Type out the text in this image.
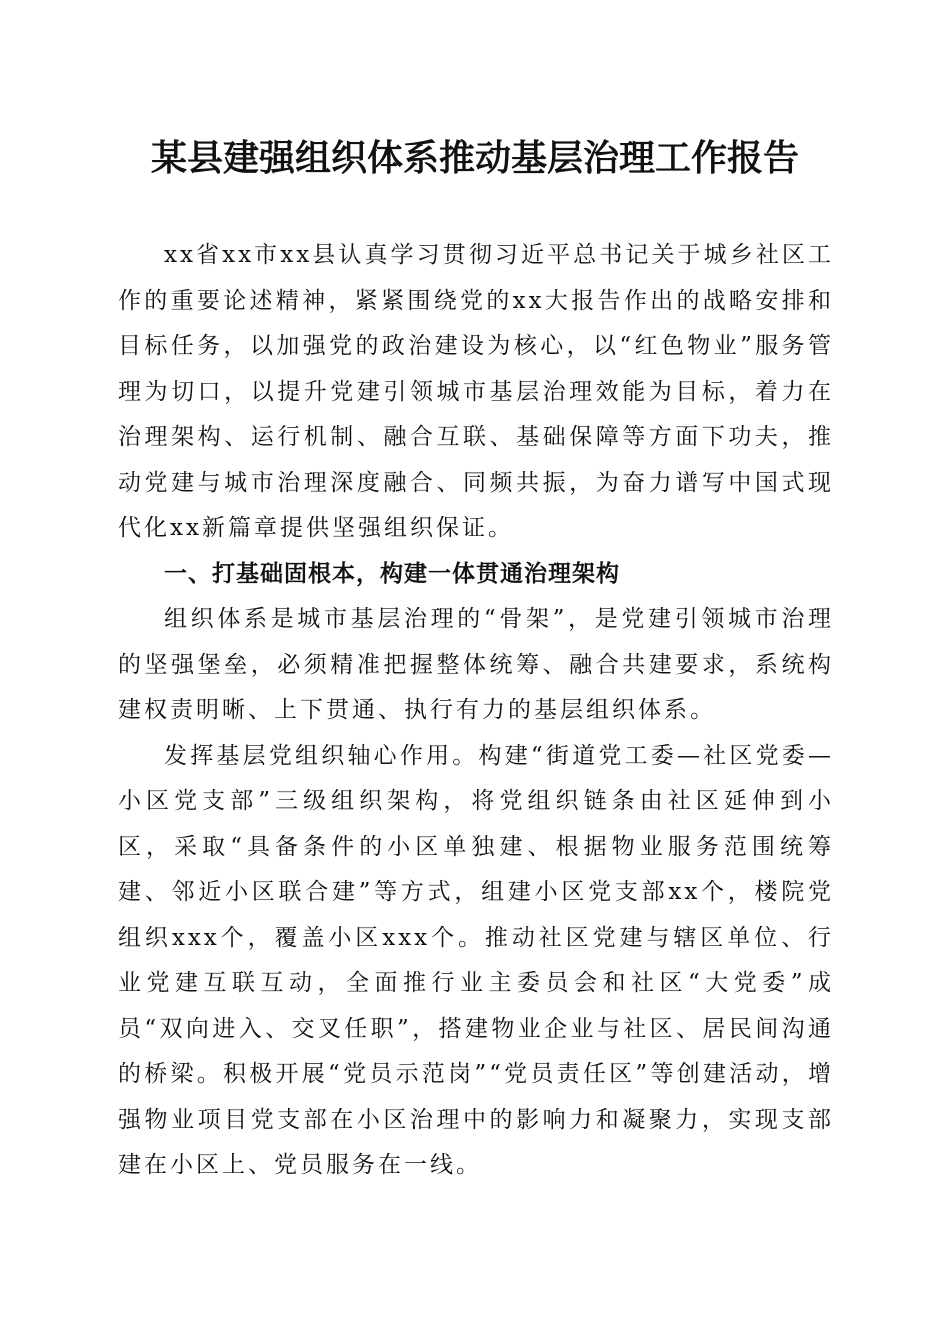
某县建强组织体系推动基层治理工作报告

xx省xx市xx县认真学习贯彻习近平总书记关于城乡社区工作的重要论述精神，紧紧围绕党的xx大报告作出的战略安排和目标任务，以加强党的政治建设为核心，以“红色物业”服务管理为切口，以提升党建引领城市基层治理效能为目标，着力在治理架构、运行机制、融合互联、基础保障等方面下功夫，推动党建与城市治理深度融合、同频共振，为奋力谱写中国式现代化xx新篇章提供坚强组织保证。

一、打基础固根本，构建一体贯通治理架构

组织体系是城市基层治理的“骨架”，是党建引领城市治理的坚强堡垒，必须精准把握整体统筹、融合共建要求，系统构建权责明晰、上下贯通、执行有力的基层组织体系。

发挥基层党组织轴心作用。构建“街道党工委—社区党委—小区党支部”三级组织架构，将党组织链条由社区延伸到小区，采取“具备条件的小区单独建、根据物业服务范围统筹建、邻近小区联合建”等方式，组建小区党支部xx个，楼院党组织xxx个，覆盖小区xxx个。推动社区党建与辖区单位、行业党建互联互动，全面推行业主委员会和社区“大党委”成员“双向进入、交叉任职”，搭建物业企业与社区、居民间沟通的桥梁。积极开展“党员示范岗”“党员责任区”等创建活动，增强物业项目党支部在小区治理中的影响力和凝聚力，实现支部建在小区上、党员服务在一线。
